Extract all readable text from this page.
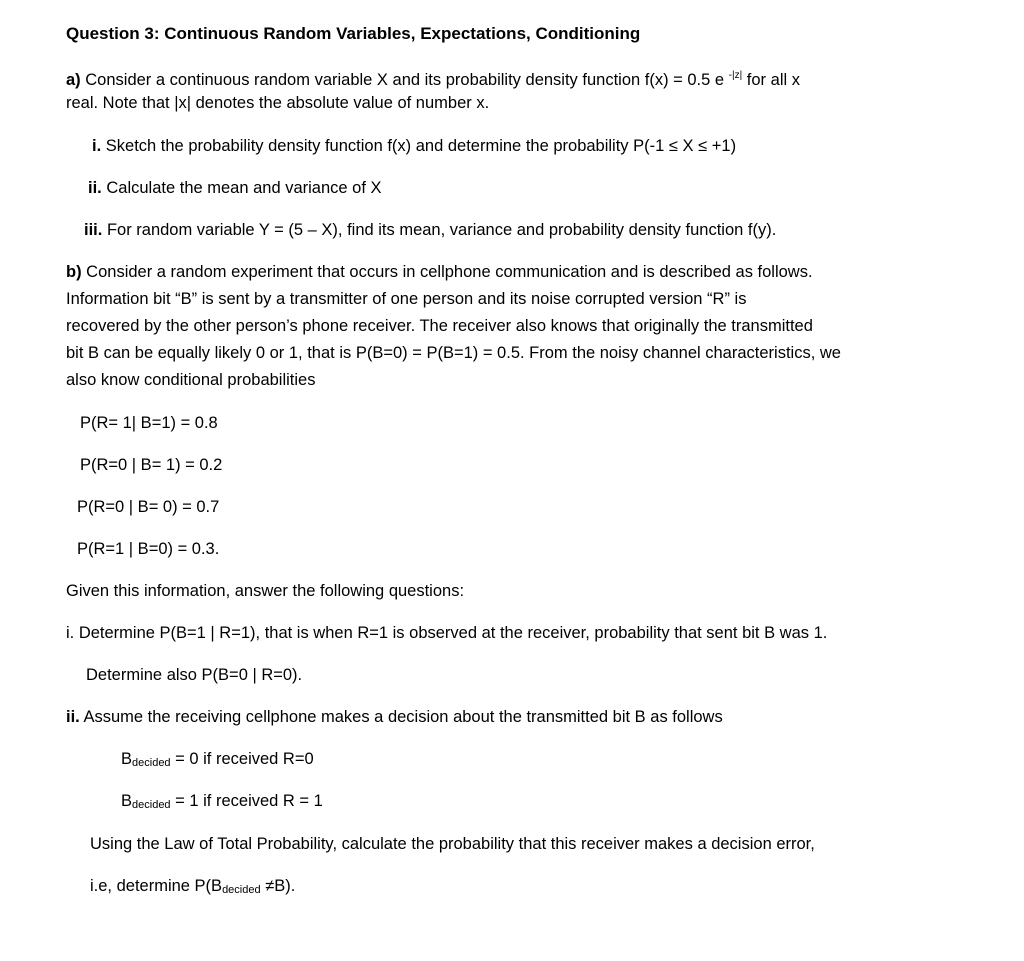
Question 3: Continuous Random Variables, Expectations, Conditioning
a) Consider a continuous random variable X and its probability density function f(x) = 0.5 e $^{-|z|}$ for all x
real. Note that |x| denotes the absolute value of number x.
i. Sketch the probability density function f(x) and determine the probability P(-1 ≤ X ≤ +1)
ii. Calculate the mean and variance of X
iii. For random variable Y = (5 – X), find its mean, variance and probability density function f(y).
b) Consider a random experiment that occurs in cellphone communication and is described as follows.
Information bit “B” is sent by a transmitter of one person and its noise corrupted version “R” is
recovered by the other person’s phone receiver. The receiver also knows that originally the transmitted
bit B can be equally likely 0 or 1, that is P(B=0) = P(B=1) = 0.5. From the noisy channel characteristics, we
also know conditional probabilities
P(R= 1| B=1) = 0.8
P(R=0 | B= 1) = 0.2
P(R=0 | B= 0) = 0.7
P(R=1 | B=0) = 0.3.
Given this information, answer the following questions:
i. Determine P(B=1 | R=1), that is when R=1 is observed at the receiver, probability that sent bit B was 1.
Determine also P(B=0 | R=0).
ii. Assume the receiving cellphone makes a decision about the transmitted bit B as follows
$B_{decided} = 0$ if received R=0
$B_{decided} = 1$ if received R = 1
Using the Law of Total Probability, calculate the probability that this receiver makes a decision error,
i.e, determine $P(B_{decided} \ne B)$.
